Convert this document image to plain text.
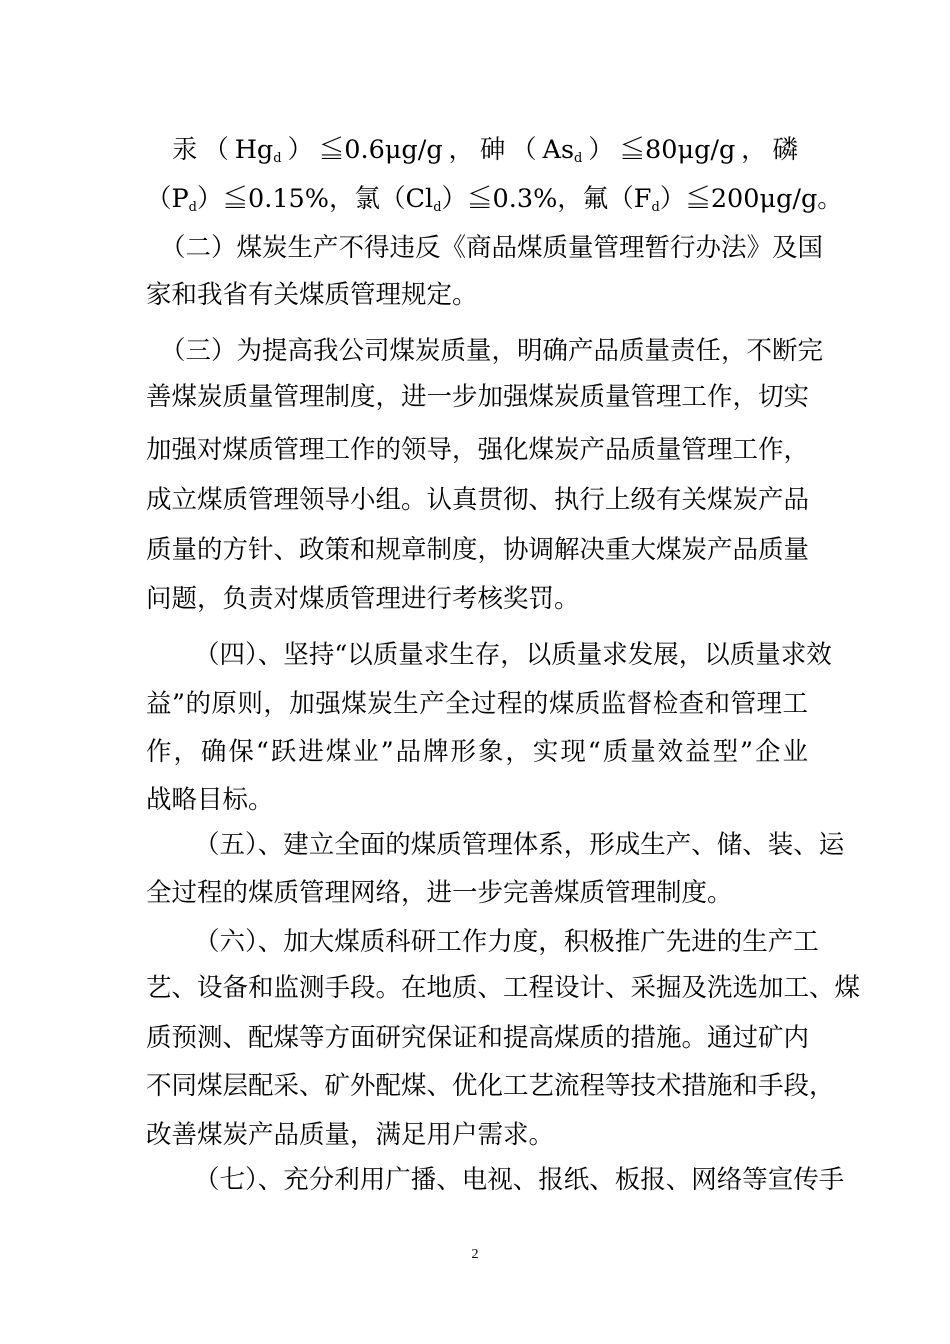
汞$(Hg_d)≦0.6\mu g/g$，砷$(As_d)≦80\mu g/g$，磷
$(P_d)≦0.15\%$，氯$(Cl_d)≦0.3\%$，氟$(F_d)≦200\mu g/g$。
（二）煤炭生产不得违反《商品煤质量管理暂行办法》及国
家和我省有关煤质管理规定。
（三）为提高我公司煤炭质量，明确产品质量责任，不断完
善煤炭质量管理制度，进一步加强煤炭质量管理工作，切实
加强对煤质管理工作的领导，强化煤炭产品质量管理工作，
成立煤质管理领导小组。认真贯彻、执行上级有关煤炭产品
质量的方针、政策和规章制度，协调解决重大煤炭产品质量
问题，负责对煤质管理进行考核奖罚。
（四）、坚持“以质量求生存，以质量求发展，以质量求效
益”的原则，加强煤炭生产全过程的煤质监督检查和管理工
作，确保“跃进煤业”品牌形象，实现“质量效益型”企业
战略目标。
（五）、建立全面的煤质管理体系，形成生产、储、装、运
全过程的煤质管理网络，进一步完善煤质管理制度。
（六）、加大煤质科研工作力度，积极推广先进的生产工
艺、设备和监测手段。在地质、工程设计、采掘及洗选加工、煤
质预测、配煤等方面研究保证和提高煤质的措施。通过矿内
不同煤层配采、矿外配煤、优化工艺流程等技术措施和手段，
改善煤炭产品质量，满足用户需求。
（七）、充分利用广播、电视、报纸、板报、网络等宣传手
2
